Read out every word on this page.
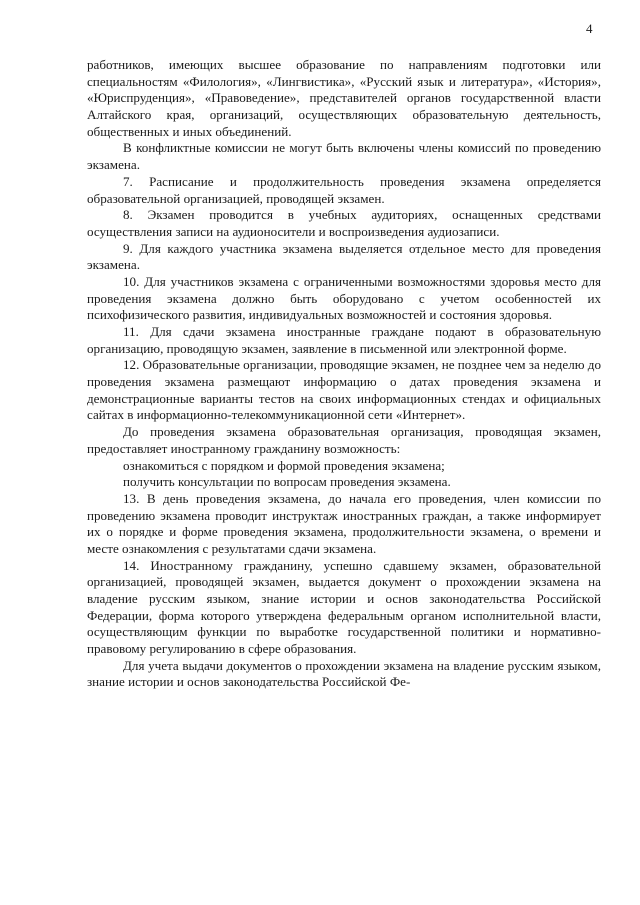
4

работников, имеющих высшее образование по направлениям подготовки или специальностям «Филология», «Лингвистика», «Русский язык и литература», «История», «Юриспруденция», «Правоведение», представителей органов государственной власти Алтайского края, организаций, осуществляющих образовательную деятельность, общественных и иных объединений.

В конфликтные комиссии не могут быть включены члены комиссий по проведению экзамена.

7. Расписание и продолжительность проведения экзамена определяется образовательной организацией, проводящей экзамен.

8. Экзамен проводится в учебных аудиториях, оснащенных средствами осуществления записи на аудионосители и воспроизведения аудиозаписи.

9. Для каждого участника экзамена выделяется отдельное место для проведения экзамена.

10. Для участников экзамена с ограниченными возможностями здоровья место для проведения экзамена должно быть оборудовано с учетом особенностей их психофизического развития, индивидуальных возможностей и состояния здоровья.

11. Для сдачи экзамена иностранные граждане подают в образовательную организацию, проводящую экзамен, заявление в письменной или электронной форме.

12. Образовательные организации, проводящие экзамен, не позднее чем за неделю до проведения экзамена размещают информацию о датах проведения экзамена и демонстрационные варианты тестов на своих информационных стендах и официальных сайтах в информационно-телекоммуникационной сети «Интернет».

До проведения экзамена образовательная организация, проводящая экзамен, предоставляет иностранному гражданину возможность:

ознакомиться с порядком и формой проведения экзамена;

получить консультации по вопросам проведения экзамена.

13. В день проведения экзамена, до начала его проведения, член комиссии по проведению экзамена проводит инструктаж иностранных граждан, а также информирует их о порядке и форме проведения экзамена, продолжительности экзамена, о времени и месте ознакомления с результатами сдачи экзамена.

14. Иностранному гражданину, успешно сдавшему экзамен, образовательной организацией, проводящей экзамен, выдается документ о прохождении экзамена на владение русским языком, знание истории и основ законодательства Российской Федерации, форма которого утверждена федеральным органом исполнительной власти, осуществляющим функции по выработке государственной политики и нормативно-правовому регулированию в сфере образования.

Для учета выдачи документов о прохождении экзамена на владение русским языком, знание истории и основ законодательства Российской Фе-
